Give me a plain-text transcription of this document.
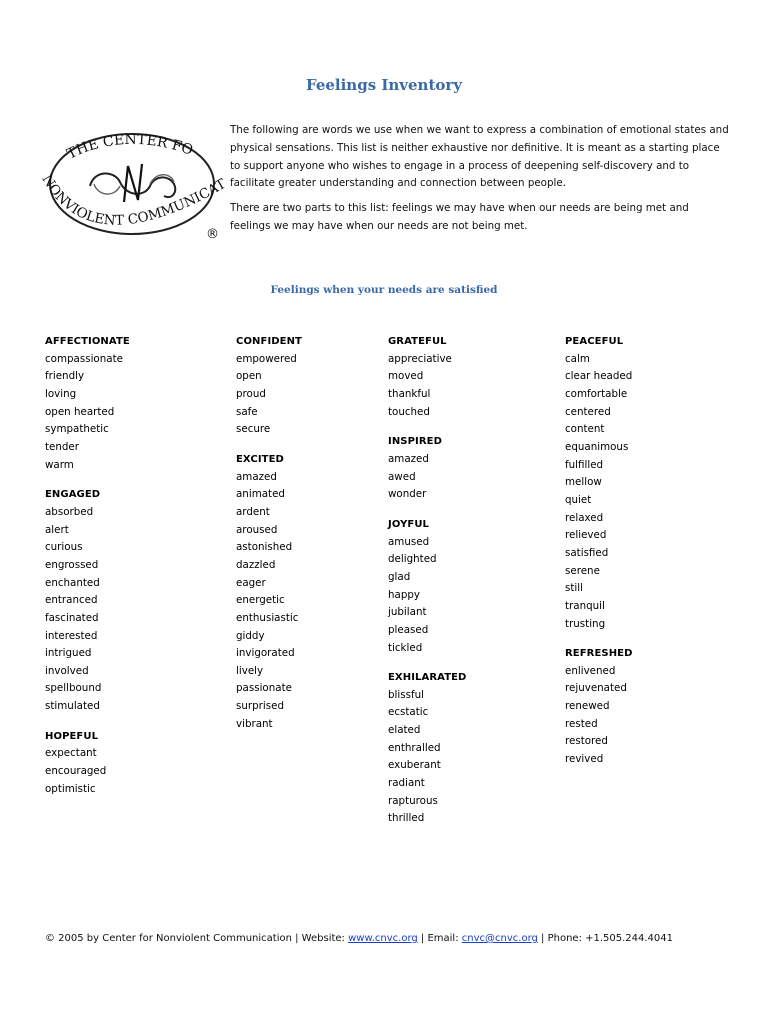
Feelings Inventory
THE CENTER FO
NONVIOLENT COMMUNICAT
®

The following are words we use when we want to express a combination of emotional states and physical sensations. This list is neither exhaustive nor definitive. It is meant as a starting place to support anyone who wishes to engage in a process of deepening self-discovery and to facilitate greater understanding and connection between people.

There are two parts to this list: feelings we may have when our needs are being met and feelings we may have when our needs are not being met.

Feelings when your needs are satisfied
AFFECTIONATE
compassionate
friendly
loving
open hearted
sympathetic
tender
warm
ENGAGED
absorbed
alert
curious
engrossed
enchanted
entranced
fascinated
interested
intrigued
involved
spellbound
stimulated
HOPEFUL
expectant
encouraged
optimistic
CONFIDENT
empowered
open
proud
safe
secure
EXCITED
amazed
animated
ardent
aroused
astonished
dazzled
eager
energetic
enthusiastic
giddy
invigorated
lively
passionate
surprised
vibrant
GRATEFUL
appreciative
moved
thankful
touched
INSPIRED
amazed
awed
wonder
JOYFUL
amused
delighted
glad
happy
jubilant
pleased
tickled
EXHILARATED
blissful
ecstatic
elated
enthralled
exuberant
radiant
rapturous
thrilled
PEACEFUL
calm
clear headed
comfortable
centered
content
equanimous
fulfilled
mellow
quiet
relaxed
relieved
satisfied
serene
still
tranquil
trusting
REFRESHED
enlivened
rejuvenated
renewed
rested
restored
revived
© 2005 by Center for Nonviolent Communication | Website: www.cnvc.org | Email: cnvc@cnvc.org | Phone: +1.505.244.4041
